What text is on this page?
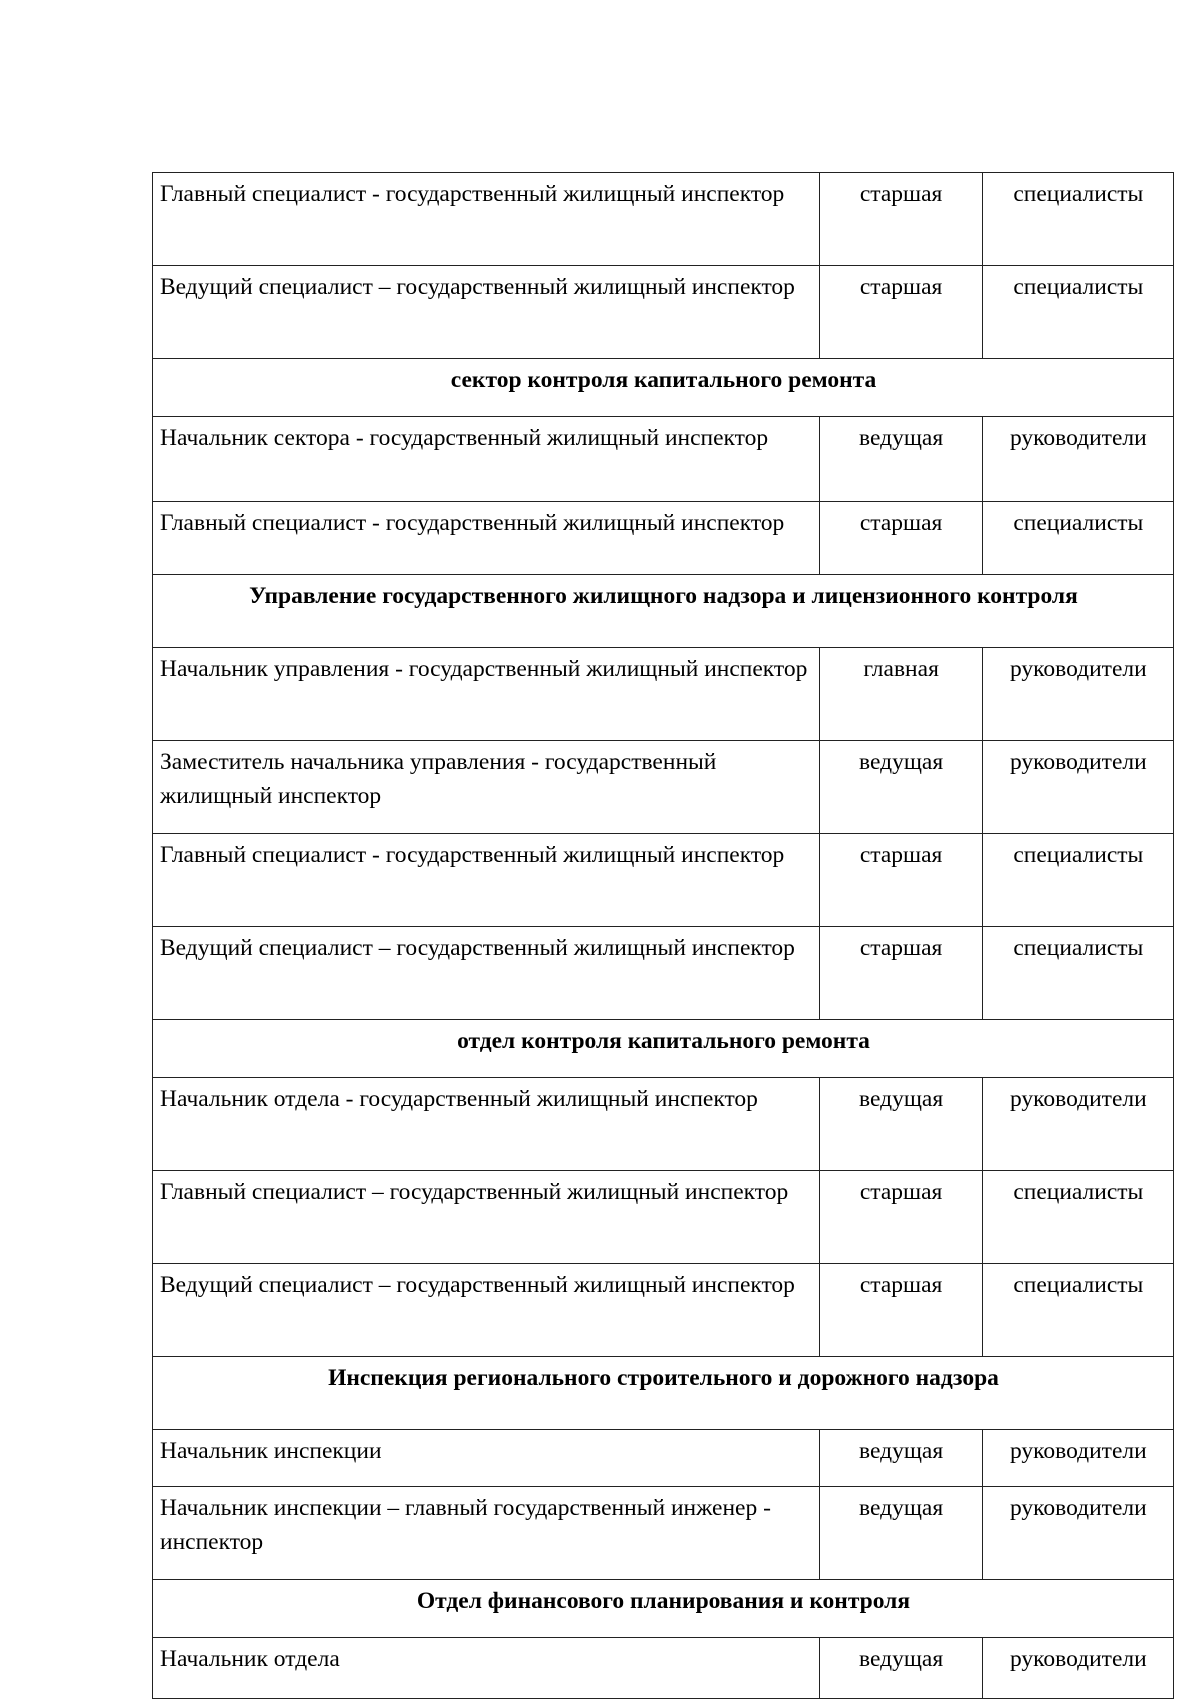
Главный специалист - государственный жилищный инспектор	старшая	специалисты
Ведущий специалист – государственный жилищный инспектор	старшая	специалисты
сектор контроля капитального ремонта		
Начальник сектора - государственный жилищный инспектор	ведущая	руководители
Главный специалист - государственный жилищный инспектор	старшая	специалисты
Управление государственного жилищного надзора и лицензионного контроля		
Начальник управления - государственный жилищный инспектор	главная	руководители
Заместитель начальника управления - государственный жилищный инспектор	ведущая	руководители
Главный специалист - государственный жилищный инспектор	старшая	специалисты
Ведущий специалист – государственный жилищный инспектор	старшая	специалисты
отдел контроля капитального ремонта		
Начальник отдела - государственный жилищный инспектор	ведущая	руководители
Главный специалист – государственный жилищный инспектор	старшая	специалисты
Ведущий специалист – государственный жилищный инспектор	старшая	специалисты
Инспекция регионального строительного и дорожного надзора		
Начальник инспекции	ведущая	руководители
Начальник инспекции – главный государственный инженер - инспектор	ведущая	руководители
Отдел финансового планирования и контроля		
Начальник отдела	ведущая	руководители
